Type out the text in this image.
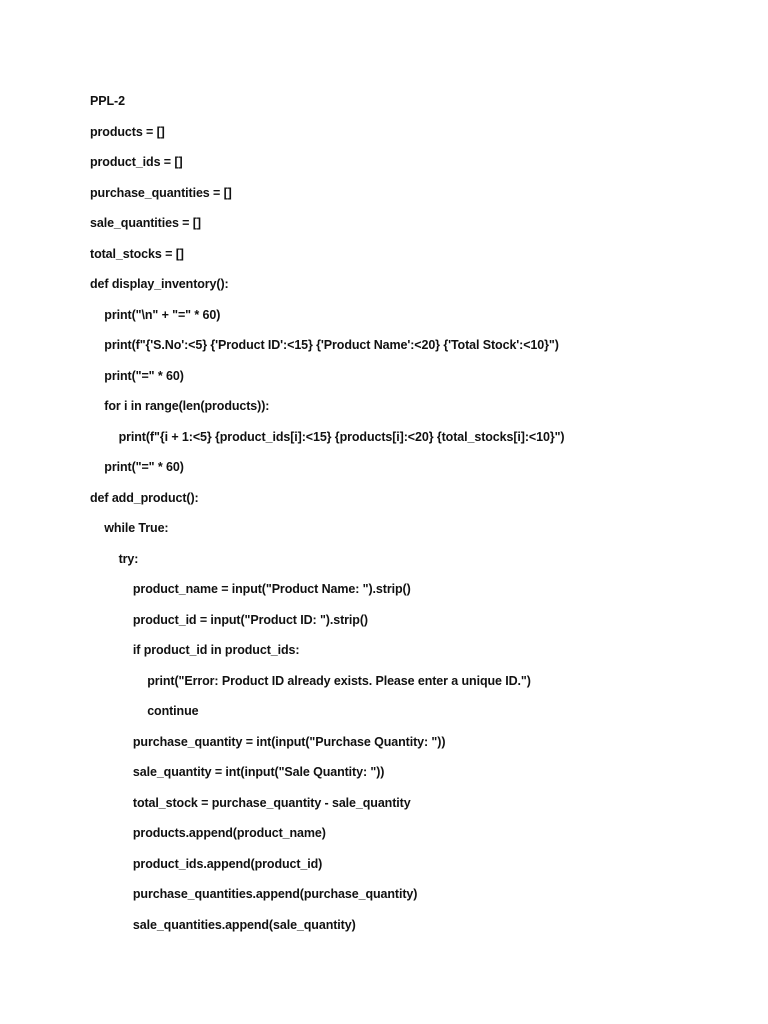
PPL-2
products = []
product_ids = []
purchase_quantities = []
sale_quantities = []
total_stocks = []
def display_inventory():
print("\n" + "=" * 60)
print(f"{'S.No':<5} {'Product ID':<15} {'Product Name':<20} {'Total Stock':<10}")
print("=" * 60)
for i in range(len(products)):
print(f"{i + 1:<5} {product_ids[i]:<15} {products[i]:<20} {total_stocks[i]:<10}")
print("=" * 60)
def add_product():
while True:
try:
product_name = input("Product Name: ").strip()
product_id = input("Product ID: ").strip()
if product_id in product_ids:
print("Error: Product ID already exists. Please enter a unique ID.")
continue
purchase_quantity = int(input("Purchase Quantity: "))
sale_quantity = int(input("Sale Quantity: "))
total_stock = purchase_quantity - sale_quantity
products.append(product_name)
product_ids.append(product_id)
purchase_quantities.append(purchase_quantity)
sale_quantities.append(sale_quantity)
